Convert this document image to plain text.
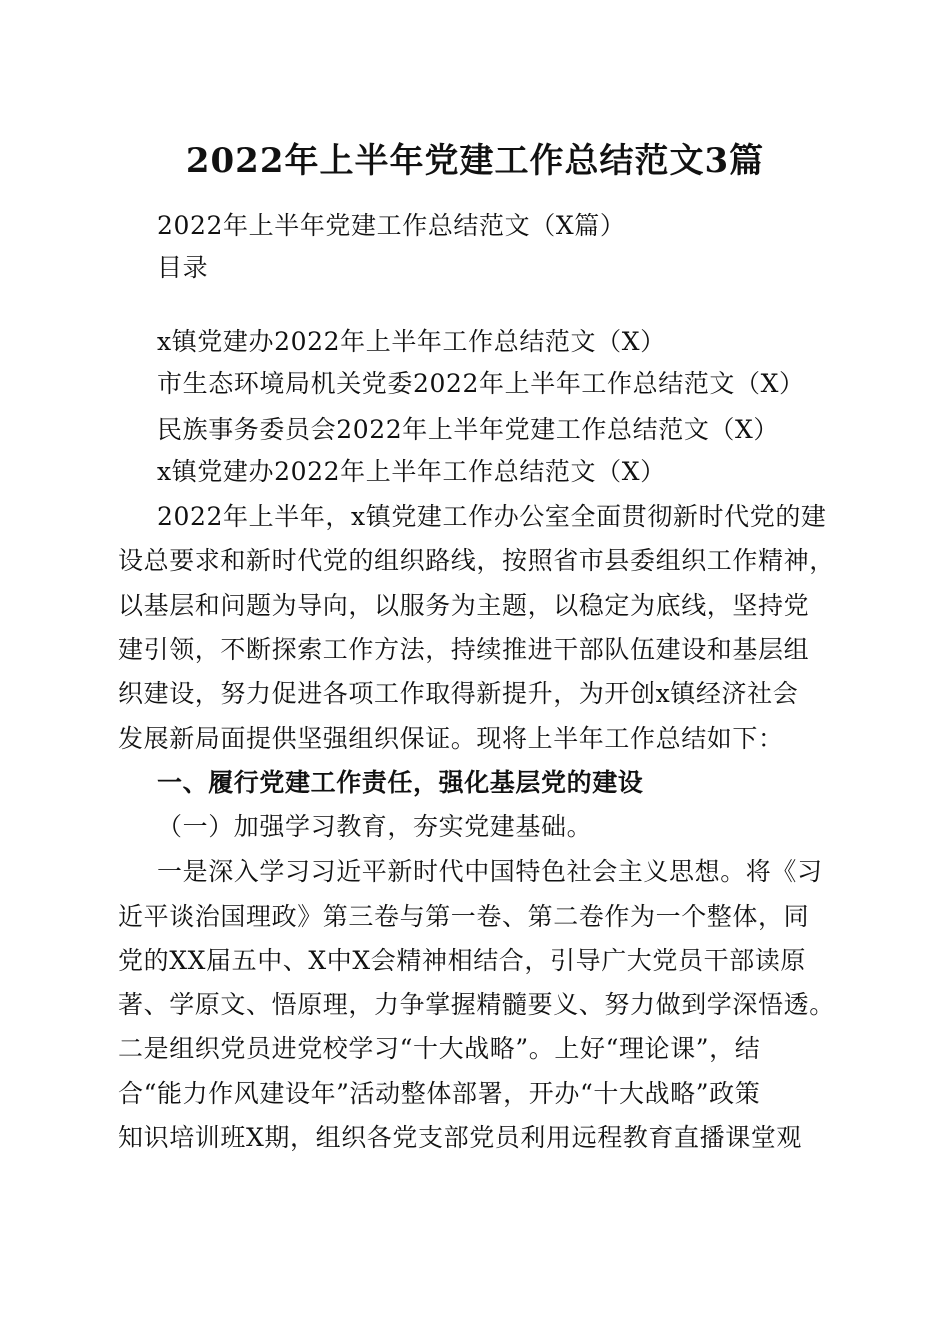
2022年上半年党建工作总结范文3篇
2022年上半年党建工作总结范文（X篇）
目录
x镇党建办2022年上半年工作总结范文（X）
市生态环境局机关党委2022年上半年工作总结范文（X）
民族事务委员会2022年上半年党建工作总结范文（X）
x镇党建办2022年上半年工作总结范文（X）
2022年上半年，x镇党建工作办公室全面贯彻新时代党的建
设总要求和新时代党的组织路线，按照省市县委组织工作精神，
以基层和问题为导向，以服务为主题，以稳定为底线，坚持党
建引领，不断探索工作方法，持续推进干部队伍建设和基层组
织建设，努力促进各项工作取得新提升，为开创x镇经济社会
发展新局面提供坚强组织保证。现将上半年工作总结如下：
一、履行党建工作责任，强化基层党的建设
（一）加强学习教育，夯实党建基础。
一是深入学习习近平新时代中国特色社会主义思想。将《习
近平谈治国理政》第三卷与第一卷、第二卷作为一个整体，同
党的XX届五中、X中X会精神相结合，引导广大党员干部读原
著、学原文、悟原理，力争掌握精髓要义、努力做到学深悟透。
二是组织党员进党校学习“十大战略”。上好“理论课”，结
合“能力作风建设年”活动整体部署，开办“十大战略”政策
知识培训班X期，组织各党支部党员利用远程教育直播课堂观
